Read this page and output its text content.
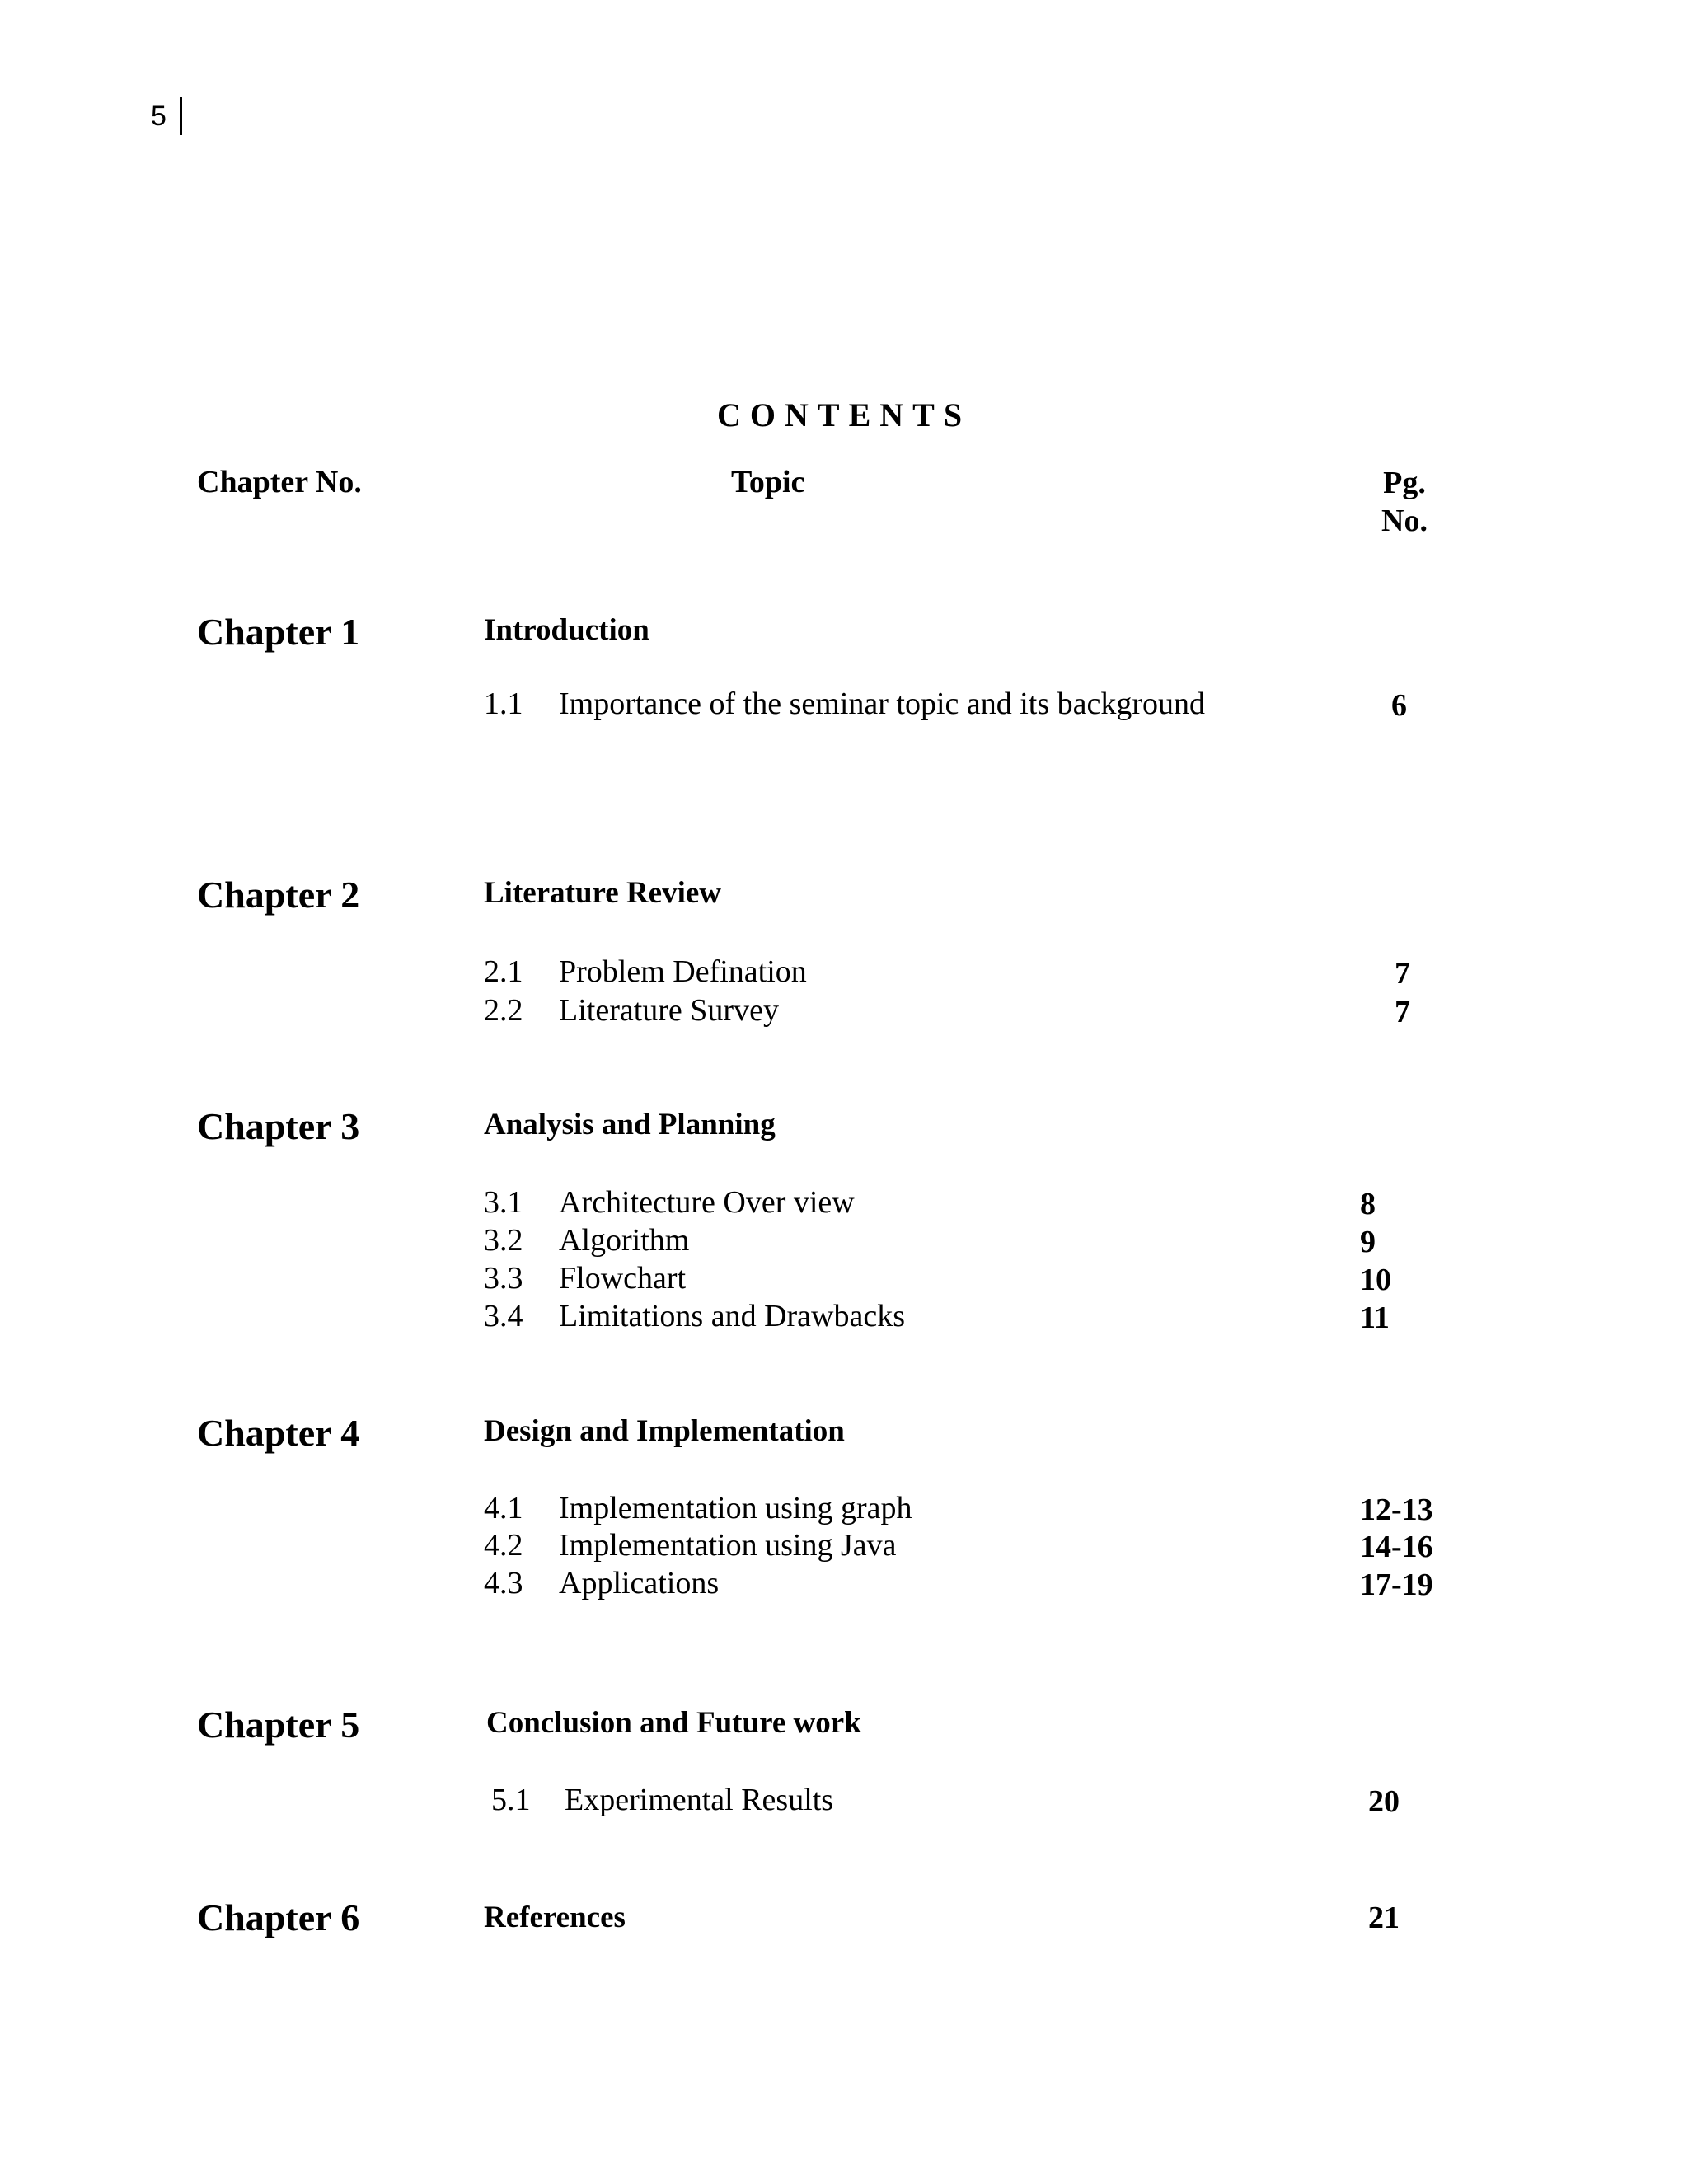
5
CONTENTS
Chapter No.	Topic	Pg.
No.
Chapter 1	Introduction
1.1 Importance of the seminar topic and its background	6
Chapter 2	Literature Review
2.1 Problem Defination	7
2.2 Literature Survey	7
Chapter 3	Analysis and Planning
3.1 Architecture Over view	8
3.2 Algorithm	9
3.3 Flowchart	10
3.4 Limitations and Drawbacks	11
Chapter 4	Design and Implementation
4.1 Implementation using graph	12-13
4.2 Implementation using Java	14-16
4.3 Applications	17-19
Chapter 5	Conclusion and Future work
5.1 Experimental Results	20
Chapter 6	References	21
